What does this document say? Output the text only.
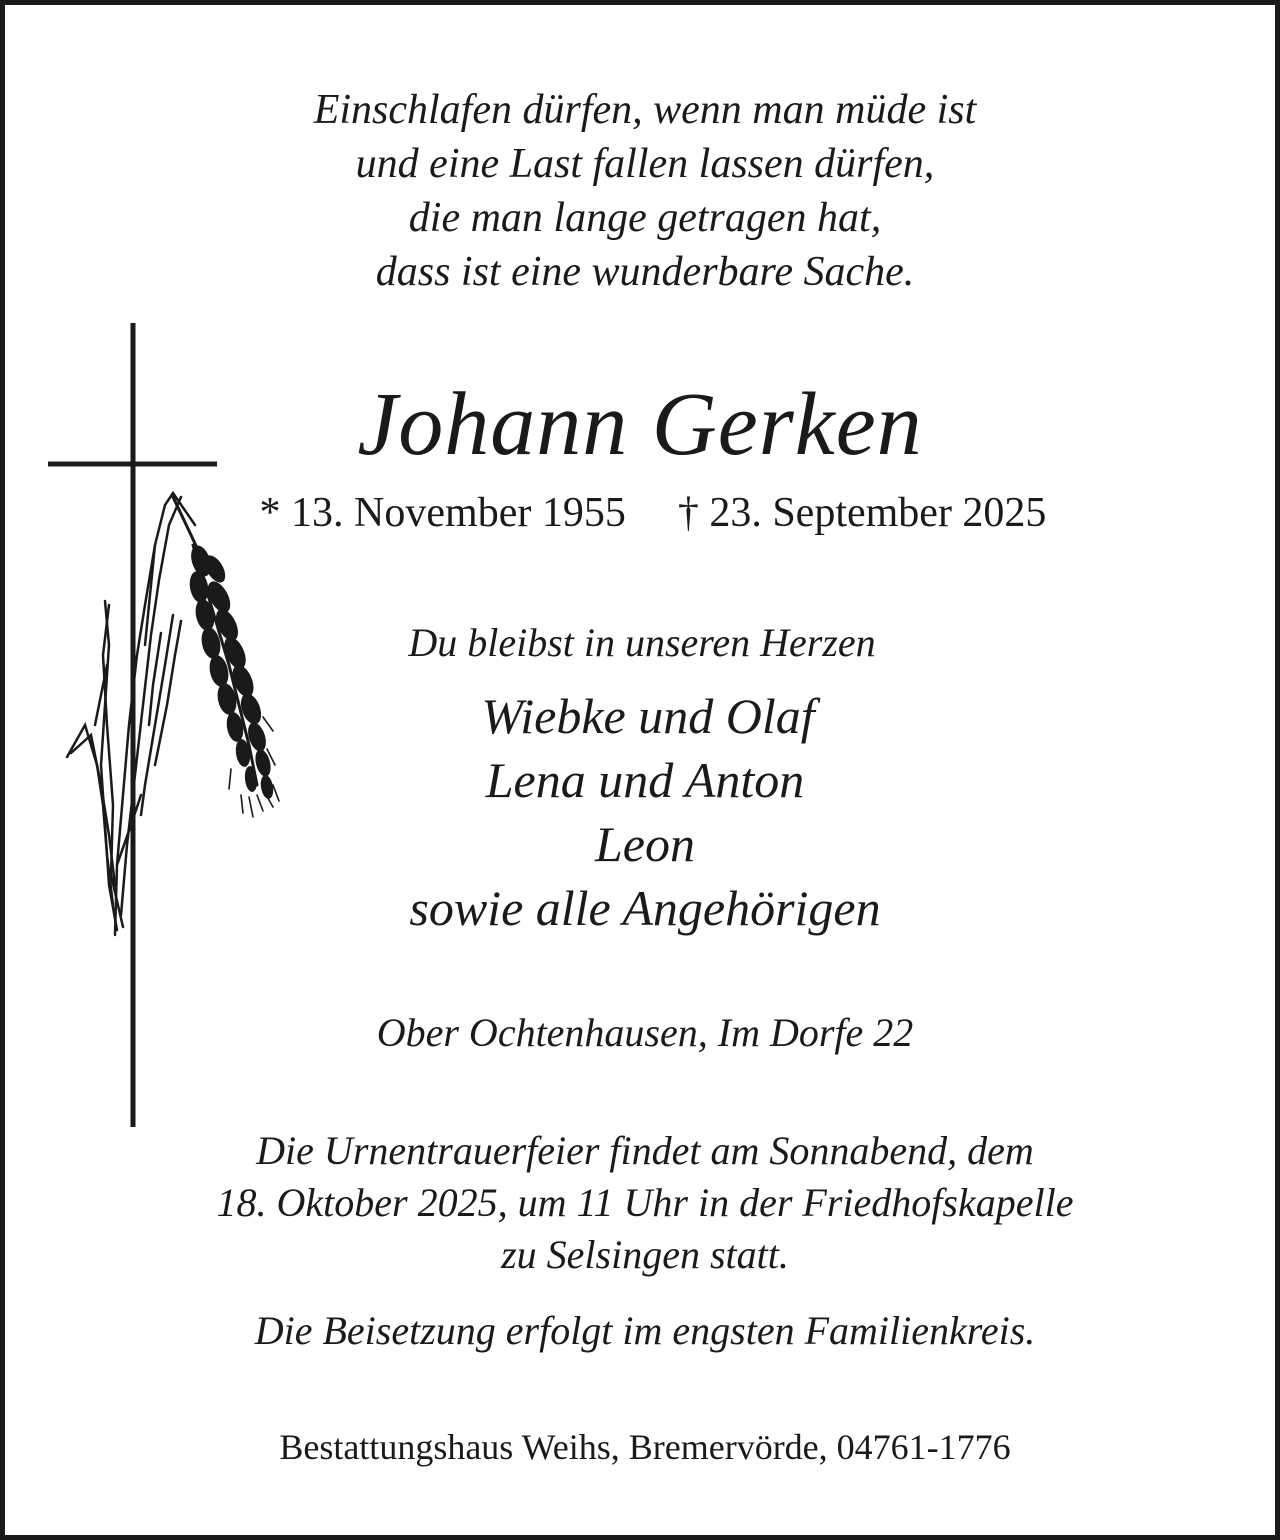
Einschlafen dürfen, wenn man müde ist
und eine Last fallen lassen dürfen,
die man lange getragen hat,
dass ist eine wunderbare Sache.
Johann Gerken
* 13. November 1955 † 23. September 2025
Du bleibst in unseren Herzen
Wiebke und Olaf
Lena und Anton
Leon
sowie alle Angehörigen
Ober Ochtenhausen, Im Dorfe 22
Die Urnentrauerfeier findet am Sonnabend, dem
18. Oktober 2025, um 11 Uhr in der Friedhofskapelle
zu Selsingen statt.
Die Beisetzung erfolgt im engsten Familienkreis.
Bestattungshaus Weihs, Bremervörde, 04761-1776
